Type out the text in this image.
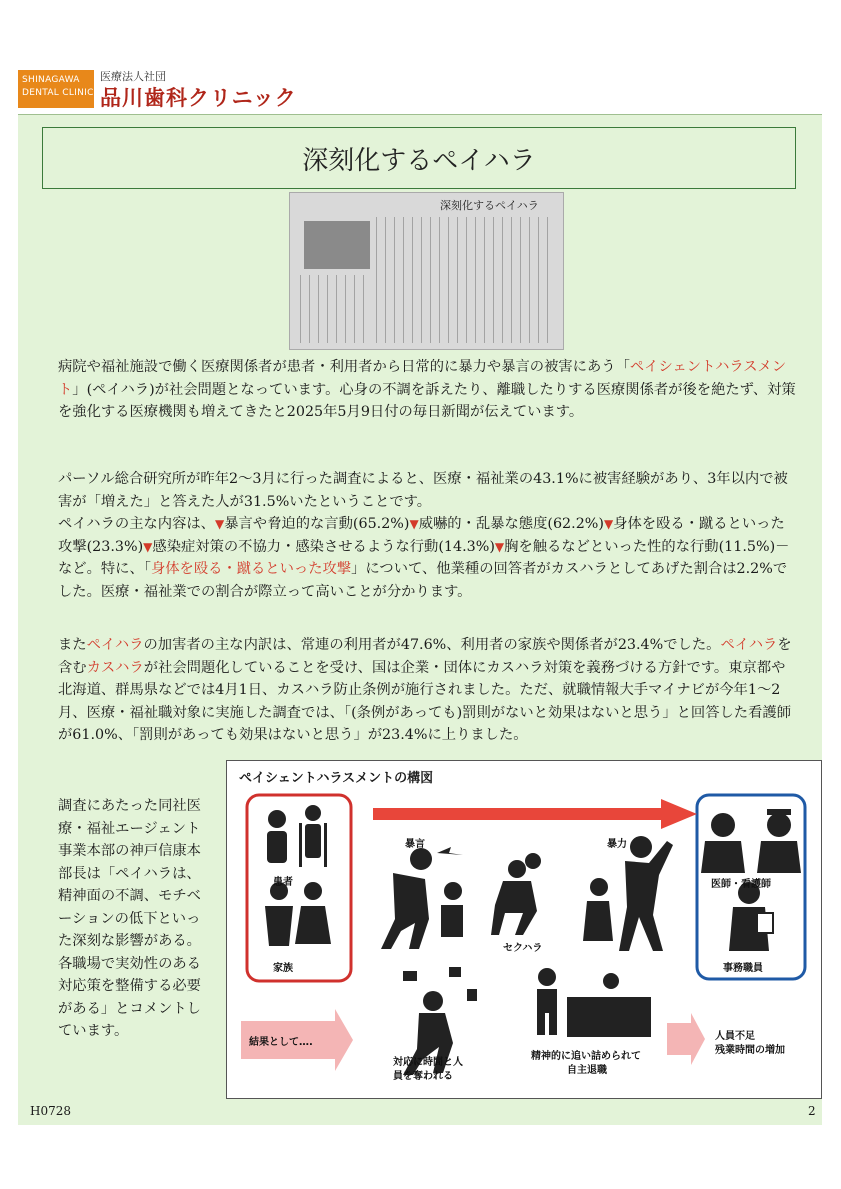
SHINAGAWA
DENTAL CLINIC
医療法人社団
品川歯科クリニック
深刻化するペイハラ
深刻化するペイハラ

病院や福祉施設で働く医療関係者が患者・利用者から日常的に暴力や暴言の被害にあう「ペイシェントハラスメント」(ペイハラ)が社会問題となっています。心身の不調を訴えたり、離職したりする医療関係者が後を絶たず、対策を強化する医療機関も増えてきたと2025年5月9日付の毎日新聞が伝えています。

パーソル総合研究所が昨年2～3月に行った調査によると、医療・福祉業の43.1%に被害経験があり、3年以内で被害が「増えた」と答えた人が31.5%いたということです。
ペイハラの主な内容は、▼暴言や脅迫的な言動(65.2%)▼威嚇的・乱暴な態度(62.2%)▼身体を殴る・蹴るといった攻撃(23.3%)▼感染症対策の不協力・感染させるような行動(14.3%)▼胸を触るなどといった性的な行動(11.5%)－など。特に、「身体を殴る・蹴るといった攻撃」について、他業種の回答者がカスハラとしてあげた割合は2.2%でした。医療・福祉業での割合が際立って高いことが分かります。

またペイハラの加害者の主な内訳は、常連の利用者が47.6%、利用者の家族や関係者が23.4%でした。ペイハラを含むカスハラが社会問題化していることを受け、国は企業・団体にカスハラ対策を義務づける方針です。東京都や北海道、群馬県などでは4月1日、カスハラ防止条例が施行されました。ただ、就職情報大手マイナビが今年1～2月、医療・福祉職対象に実施した調査では、「(条例があっても)罰則がないと効果はないと思う」と回答した看護師が61.0%、「罰則があっても効果はないと思う」が23.4%に上りました。

調査にあたった同社医療・福祉エージェント事業本部の神戸信康本部長は「ペイハラは、精神面の不調、モチベーションの低下といった深刻な影響がある。各職場で実効性のある対応策を整備する必要がある」とコメントしています。

ペイシェントハラスメントの構図
患者
家族
暴言	暴力
セクハラ
医師・看護師
事務職員
結果として….
対応に時間と人
員を奪われる
精神的に追い詰められて
自主退職
人員不足
残業時間の増加
H0728	2
